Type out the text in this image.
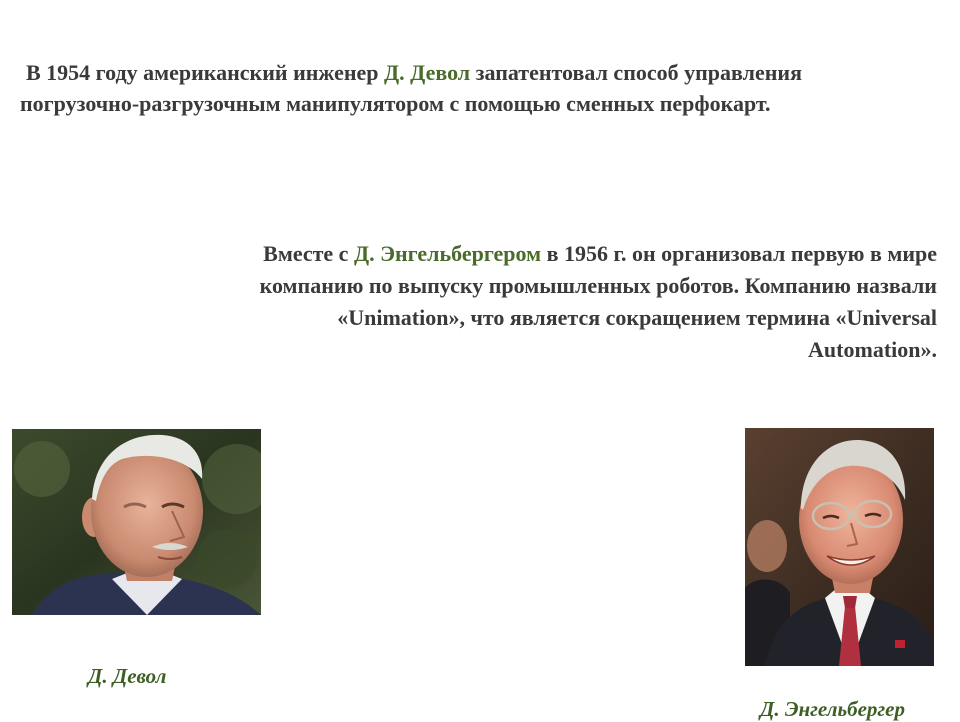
В 1954 году американский инженер Д. Девол запатентовал способ управления погрузочно-разгрузочным манипулятором с помощью сменных перфокарт.
Вместе с Д. Энгельбергером в 1956 г. он организовал первую в мире компанию по выпуску промышленных роботов. Компанию назвали «Unimation», что является сокращением термина «Universal Automation».
Д. Девол
Д. Энгельбергер
